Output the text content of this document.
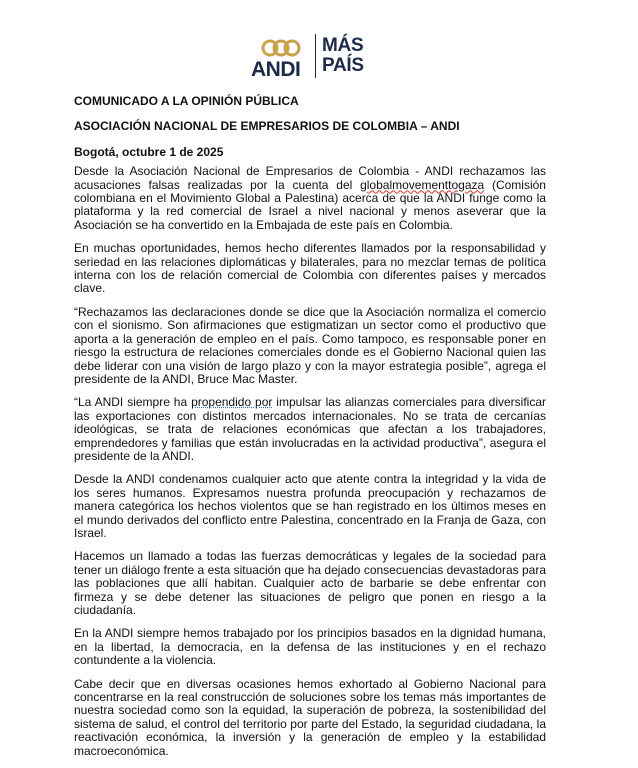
ANDI
MÁS
PAÍS
COMUNICADO A LA OPINIÓN PÚBLICA
ASOCIACIÓN NACIONAL DE EMPRESARIOS DE COLOMBIA – ANDI
Bogotá, octubre 1 de 2025

Desde la Asociación Nacional de Empresarios de Colombia - ANDI rechazamos las acusaciones falsas realizadas por la cuenta del globalmovementtogaza (Comisión colombiana en el Movimiento Global a Palestina) acerca de que la ANDI funge como la plataforma y la red comercial de Israel a nivel nacional y menos aseverar que la Asociación se ha convertido en la Embajada de este país en Colombia.

En muchas oportunidades, hemos hecho diferentes llamados por la responsabilidad y seriedad en las relaciones diplomáticas y bilaterales, para no mezclar temas de política interna con los de relación comercial de Colombia con diferentes países y mercados clave.

“Rechazamos las declaraciones donde se dice que la Asociación normaliza el comercio con el sionismo. Son afirmaciones que estigmatizan un sector como el productivo que aporta a la generación de empleo en el país. Como tampoco, es responsable poner en riesgo la estructura de relaciones comerciales donde es el Gobierno Nacional quien las debe liderar con una visión de largo plazo y con la mayor estrategia posible”, agrega el presidente de la ANDI, Bruce Mac Master.

“La ANDI siempre ha propendido por impulsar las alianzas comerciales para diversificar las exportaciones con distintos mercados internacionales. No se trata de cercanías ideológicas, se trata de relaciones económicas que afectan a los trabajadores, emprendedores y familias que están involucradas en la actividad productiva”, asegura el presidente de la ANDI.

Desde la ANDI condenamos cualquier acto que atente contra la integridad y la vida de los seres humanos. Expresamos nuestra profunda preocupación y rechazamos de manera categórica los hechos violentos que se han registrado en los últimos meses en el mundo derivados del conflicto entre Palestina, concentrado en la Franja de Gaza, con Israel.

Hacemos un llamado a todas las fuerzas democráticas y legales de la sociedad para tener un diálogo frente a esta situación que ha dejado consecuencias devastadoras para las poblaciones que allí habitan. Cualquier acto de barbarie se debe enfrentar con firmeza y se debe detener las situaciones de peligro que ponen en riesgo a la ciudadanía.

En la ANDI siempre hemos trabajado por los principios basados en la dignidad humana, en la libertad, la democracia, en la defensa de las instituciones y en el rechazo contundente a la violencia.

Cabe decir que en diversas ocasiones hemos exhortado al Gobierno Nacional para concentrarse en la real construcción de soluciones sobre los temas más importantes de nuestra sociedad como son la equidad, la superación de pobreza, la sostenibilidad del sistema de salud, el control del territorio por parte del Estado, la seguridad ciudadana, la reactivación económica, la inversión y la generación de empleo y la estabilidad macroeconómica.
